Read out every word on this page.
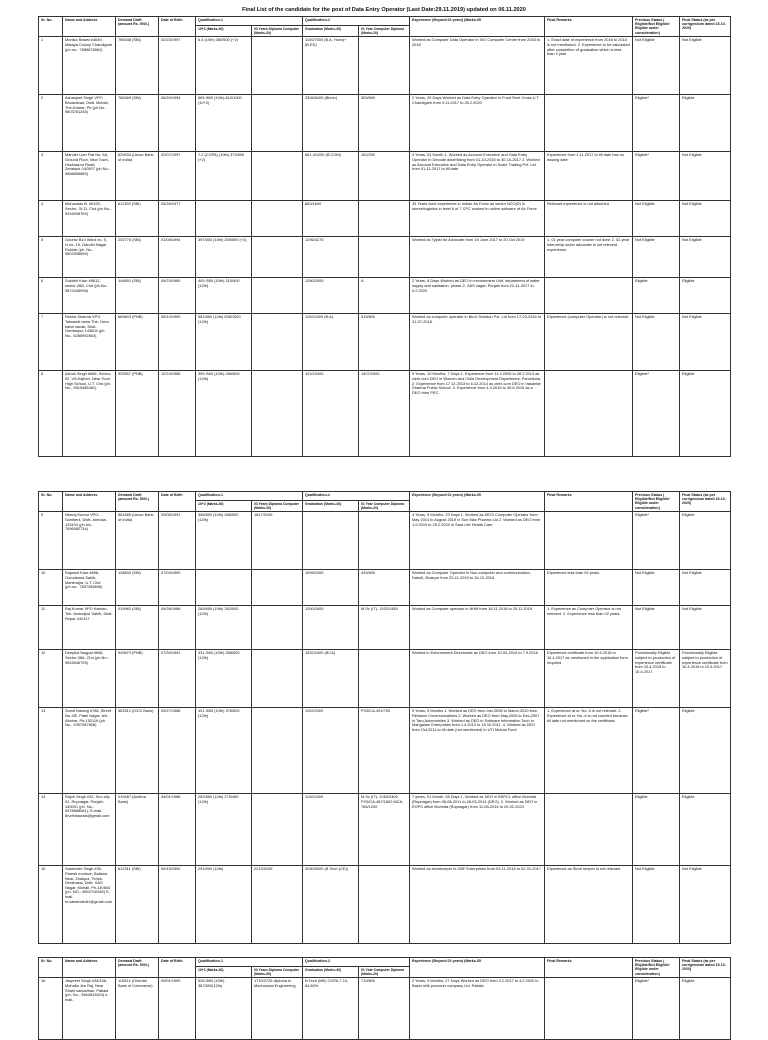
Final List of the candidate for the post of Data Entry Operator (Last Date:29.11.2019) updated on 06.11.2020
Sr. No.	Name and Address	Demand Draft (amount Rs. 500/-)	Date of Birth	Qualification-1		Qualification-2		Experience (Beyond 02 years) (Marks-05	Final Remarks	Previous Status ( Eligible/Not Eligible/ Eligible under consideration)	Final Status (as per corrigendum dated 15-10-2020)
				10+2 (Marks-30)	03 Years Diploma Computer (Marks-30)	Graduation (Marks-40)	01 Year Computer Diploma (Marks-20)				
1	Monika Rawat #4649, Mataya Colony Chandigarh (ph.no.- 7889676562)	766348 (SBI)	02/23/1997	6.4 (10th) 360/500 (+2)		1100/7500 (B.A. Hons)+(B.ED)		Worked as Computer Data Operator in IXO Computer Centre from 2016 to 2018	1. Exact date of experience from 2016 to 2018 is not mentioned. 2. Experience to be calculated after completion of graduation which is less than 2 year	Not Eligible	Not Eligible
2	Ashanjeet Singh VPO Bhoarabad, Distt. Mohali, The-Kharar, Pb (ph.No.- 9803781245)	766369 (SBI)	06/20/1994	665 /800 (10th) 610/1000 (10+2)		3306/5400 (Btech)	309/600	2 Years, 29 Days Worked as Data Entry Operator in Front Reel Cross U.T Chandigarh from 3.11.2017 to 26.2.2020		Eligible*	Eligible
3	Mander Lian Flat No. 6A, Ground Floor, New Town, Hoshiarpur Road, Zerakpur-140507 (ph.No.- 9888655869)	629934 (Union Bank of India)	02/07/1997	7.2 (CGPA) (10th) 379/500 (+2)		661.4/1200 (B.COM)	152/200	3 Years, 01 Month 1. Worked as Account Executive and Data Entry Operator in Decode advertising from 01-10-2015 to 30-10-2017 2. Worked as Account Executive and Data Entry Operator in Scale Trading Pvt. Ltd from 01-11-2017 to till date	Experience from 1.11.2017 to till date has no issuing date	Eligible*	Not Eligible
4	Mohandas B. #0425, Sector- 31 D, Chd (ph.No.- 9316908769)	611393 (SBI)	05/26/1977			883/1600		33 Years work experience in Indian Air Force as senior NCO(S) in stores/logistics in level 6 of 7 CPC worked in online software of Air Force	Relevant experience is not attached	Not Eligible	Not Eligible
5	Gourav B14 Ward no. 5, H.no.-19, Gandhi Nagar Rohtak (ph. No.- 9802596695)	202776 (SBI)	01/08/1994	397/500 (10th) 255/500 (+2)		1296/4275		Worked as Typist for Advocate from 15 June 2017 to 20 Oct 2019	1. 01 year computer course not done 2. 02-year internship under advocate is not relevent experience.	Not Eligible	Not Eligible
6	Sukhbir Kaur #5612, sector-26B, Chd (ph.No.- 9872345098)	148891 (SBI)	09/23/1989	405 /500 (10th) 315/500 (12th)		1280/2000	A	2 Years, 8 Days Worked as DEO in environment Unit, department of water supply and sanitation, phase-2, SAS nagar, Punjab from 22-11-2017 to 5.2.2020		Eligible	Eligible
7	Rekha Sharma VPO Talwandi rama The- Dera baba nanak, Distt- Gurdaspur-143604 (ph. No.- 6280992803)	669803 (PNB)	05/10/1990	581/850 (10th) 638/1000 (12th)		1100/2400 (B.A)	515/800	Worked as computer operator in Bix-It Solution Pvt. Ltd from 17-03-2016 to 31-07-2018.	Experience (computer Operator) is not relevant.	Not Eligible	Not Eligible
8	Ashok Singh #666, Sector-52, Vill.Kajheri, Near Govt. High School, U.T. Chd (ph. No.- 9915485461)	925557 (PNB)	12/24/1986	399 /500 (10th) 286/500 (12th)		1010/2400	1407/2000	9 Years, 10 Months, 7 Days 1. Experience from 11.9.2009 to 28.2.2013 as clerk cum DEO in Women and Child Development Department, Panchkula. 2. Experience from 17.12.2013 to 6.12.2014 as clerk cum DEO in Vasantar Dharma Public School. 3. Experience from 4.3.2015 to 30.6.2019 as a DEO from PEC.		Eligible*	Eligible
Sr. No.	Name and Address	Demand Draft (amount Rs. 500/-)	Date of Birth	Qualification-1		Qualification-2		Experience (Beyond 02 years) (Marks-05	Final Remarks	Previous Status ( Eligible/Not Eligible/ Eligible under consideration)	Final Status (as per corrigendum dated 15-10-2020)
				10+2 (Marks-30)	03 Years Diploma Computer (Marks-30)	Graduation (Marks-40)	01 Year Computer Diploma (Marks-20)				
9	Neeraj Kumar VPO- Samberli, Distt- Ambala-133104 (ph.No.- 7696982734)	561689 (Union Bank of India)	09/06/1991	356/600 (10th) 286/500 (12th)	1817/3159			4 Years, 5 Months, 29 Days 1. Worked as DEO/ Computer Operator from May 2014 to August 2019 in Sun Max Pharma Ltd 2. Worked as DEO from 1.9.2019 to 25.2.2020 in Sara Life Health Care		Eligible*	Eligible
10	Rajwant Kaur #698, Gurudwara Sahib, Manimajra, U.T. Chd (ph.no.- 7837356696)	148830 (SBI)	07/03/1990			1095/2400	439/600	Worked as Computer Operator in Non-computer and communication, Dakoli, Zirakpur from 20-11-2015 to 15-12-2016.	Experience less than 02 years.	Not Eligible	Not Eligible
11	Raj Kumar VPO Kalwan, Teh- Anandpur Sahib, Distt- Ropar-140117	019962 (SBI)	09/28/1986	285/650 (10th) 282/500 (12th)		1200/2400	M.Sc (IT)- 1532/2450	Worked as Computer operator in NHM from 16.11.2018 to 25.11.2019.	1. Experience as Computer Operator is not relevant. 2. Experience less than 02 years.	Not Eligible	Not Eligible
12	Deepika Nagpal #666, Sector-38A, Chd (ph.No.- 9815546705)	949873 (PNB)	07/30/1991	331 /500 (10th) 358/500 (12th)		1532/2400 (BCA)		Worked in Enforcement Directorate as DEO from 10-04-2015 to 7.9.2016	Experience certificate from 10.4.2015 to 10.4.2017 as mentioned in the application form required	Provisionally Eligible subject to production of experience certificate from 10.4.2015 to 10.4.2017.	Provisionally Eligible subject to production of experience certificate from 10.4.2015 to 10.4.2017.
13	Sumit Narang #786, Street No.-6E, Patel Nagar, teh- Abohar, Pb-152116 (ph. No.- 9357087808)	583312 (ICICI Bank)	09/27/1986	401 /650 (10th) 376/500 (12th)		1192/2400	PGDCA-491/700	9 Years, 9 Months 1. Worked as DEO from Jan,2008 to March,2010 from Reliance Communications 2. Worked as DEO from May,2005 to Dec,2007 in Taro Automobiles 3. Worked as DEO in Software Information Tech in Mangalam Enterprises from 1.4.2010 to 15.10.2011. 4. Worked as DEO from Oct,2011 to till date (not mentioned) in UTI Mutual Fund	1. Experience at sr. No.-3 is not relevant. 2. Experience at sr. No.-4 is not counted because till date not mentioned on the certificate.	Eligible*	Eligible
14	Rajvir Singh #32, Sun city 02, Rupnagar, Punjab-140001 (ph. No.- 9478888061), E-mail- 8rvdhiraiwals@gmail.com	019487 (Andhra Bank)	04/01/1986	282/650 (10th) 275/450 (12th)		1140/2400	M.Sc (IT)- 1063/2400 PGDCA-487/1600 MCA-766/1200	7 years, 01 Month, 08 Days 1. Worked as DEO in BSPCL office Morinda (Rupnagar) from 08-08-2011 to 28-03-2014 (DEO). 2. Worked as DEO in EOPS office Morinda (Rupnagar) from 11-08-2014 to 20-02-2020		Eligible	Eligible
15	Satwinder Singh #30, Paresh enclave, Baltana Near, Zirakpur, Tehsil-Derabassi, Distt- SAS Nagar, Mohali, Pb-140604 (ph. NO.- 9592716345) E-mail- er.satwinder61@gmail.com	612311 (SBI)	09/15/1992	291/500 (10th)	2213/3159	3030/5000 (B.Tech (CE))		Worked as storekeeper in GBF Enterprises from 09-11-2016 to 02-01-2017	Experience as Store keeper is not relevant	Not Eligible	Not Eligible
Sr. No.	Name and Address	Demand Draft (amount Rs. 500/-)	Date of Birth	Qualification-1		Qualification-2		Experience (Beyond 02 years) (Marks-05	Final Remarks	Previous Status ( Eligible/Not Eligible/ Eligible under consideration)	Final Status (as per corrigendum dated 15-10-2020)
				10+2 (Marks-30)	03 Years Diploma Computer (Marks-30)	Graduation (Marks-40)	01 Year Computer Diploma (Marks-20)				
16	Jaspreet Singh #34/106, Mohalla Jeo Raj, Near Shahi samadhan, Patiala (ph. No.- 9464541824) e-mail-	110814 (Oriental Bank of Commerce)	09/01/1990	528 /800 (10th) 367/500(12th)	1710/2725 diploma in Mechanical Engineering	B.Tech (ME) CGPA-7.10, 64.80%	710/800	2 Years, 9 Months, 27 Days Worked as DEO from 3.2.2017 to 4.2.2020 in Basin milk producer company Ltd, Patiala		Eligible*	Eligible
